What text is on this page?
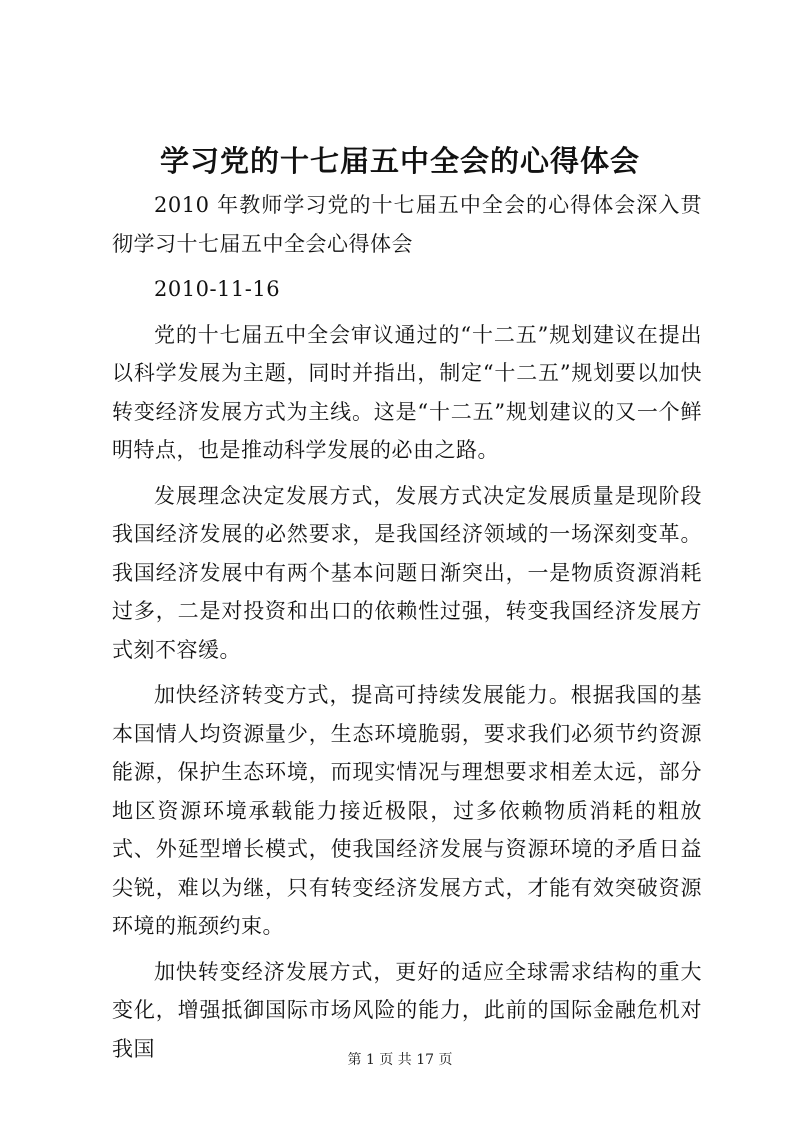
学习党的十七届五中全会的心得体会

2010 年教师学习党的十七届五中全会的心得体会深入贯彻学习十七届五中全会心得体会

2010-11-16

党的十七届五中全会审议通过的“十二五”规划建议在提出以科学发展为主题，同时并指出，制定“十二五”规划要以加快转变经济发展方式为主线。这是“十二五”规划建议的又一个鲜明特点，也是推动科学发展的必由之路。

发展理念决定发展方式，发展方式决定发展质量是现阶段我国经济发展的必然要求，是我国经济领域的一场深刻变革。我国经济发展中有两个基本问题日渐突出，一是物质资源消耗过多，二是对投资和出口的依赖性过强，转变我国经济发展方式刻不容缓。

加快经济转变方式，提高可持续发展能力。根据我国的基本国情人均资源量少，生态环境脆弱，要求我们必须节约资源能源，保护生态环境，而现实情况与理想要求相差太远，部分地区资源环境承载能力接近极限，过多依赖物质消耗的粗放式、外延型增长模式，使我国经济发展与资源环境的矛盾日益尖锐，难以为继，只有转变经济发展方式，才能有效突破资源环境的瓶颈约束。

加快转变经济发展方式，更好的适应全球需求结构的重大变化，增强抵御国际市场风险的能力，此前的国际金融危机对我国	第 1 页 共 17 页
